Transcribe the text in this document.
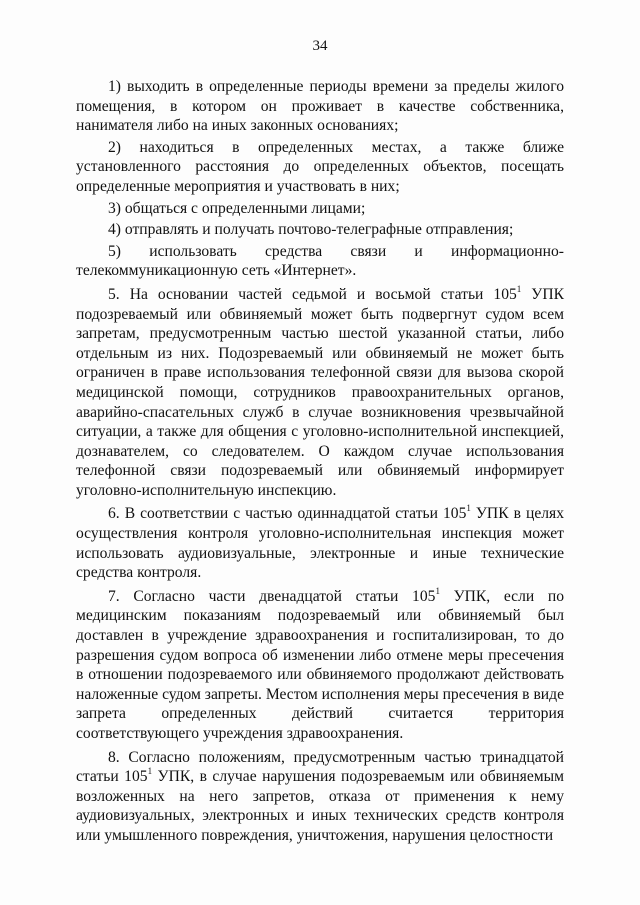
34

1) выходить в определенные периоды времени за пределы жилого помещения, в котором он проживает в качестве собственника, нанимателя либо на иных законных основаниях;

2) находиться в определенных местах, а также ближе установленного расстояния до определенных объектов, посещать определенные мероприятия и участвовать в них;

3) общаться с определенными лицами;

4) отправлять и получать почтово-телеграфные отправления;

5) использовать средства связи и информационно-телекоммуникационную сеть «Интернет».

5. На основании частей седьмой и восьмой статьи $105^1$ УПК подозреваемый или обвиняемый может быть подвергнут судом всем запретам, предусмотренным частью шестой указанной статьи, либо отдельным из них. Подозреваемый или обвиняемый не может быть ограничен в праве использования телефонной связи для вызова скорой медицинской помощи, сотрудников правоохранительных органов, аварийно-спасательных служб в случае возникновения чрезвычайной ситуации, а также для общения с уголовно-исполнительной инспекцией, дознавателем, со следователем. О каждом случае использования телефонной связи подозреваемый или обвиняемый информирует уголовно-исполнительную инспекцию.

6. В соответствии с частью одиннадцатой статьи $105^1$ УПК в целях осуществления контроля уголовно-исполнительная инспекция может использовать аудиовизуальные, электронные и иные технические средства контроля.

7. Согласно части двенадцатой статьи $105^1$ УПК, если по медицинским показаниям подозреваемый или обвиняемый был доставлен в учреждение здравоохранения и госпитализирован, то до разрешения судом вопроса об изменении либо отмене меры пресечения в отношении подозреваемого или обвиняемого продолжают действовать наложенные судом запреты. Местом исполнения меры пресечения в виде запрета определенных действий считается территория соответствующего учреждения здравоохранения.

8. Согласно положениям, предусмотренным частью тринадцатой статьи $105^1$ УПК, в случае нарушения подозреваемым или обвиняемым возложенных на него запретов, отказа от применения к нему аудиовизуальных, электронных и иных технических средств контроля или умышленного повреждения, уничтожения, нарушения целостности
